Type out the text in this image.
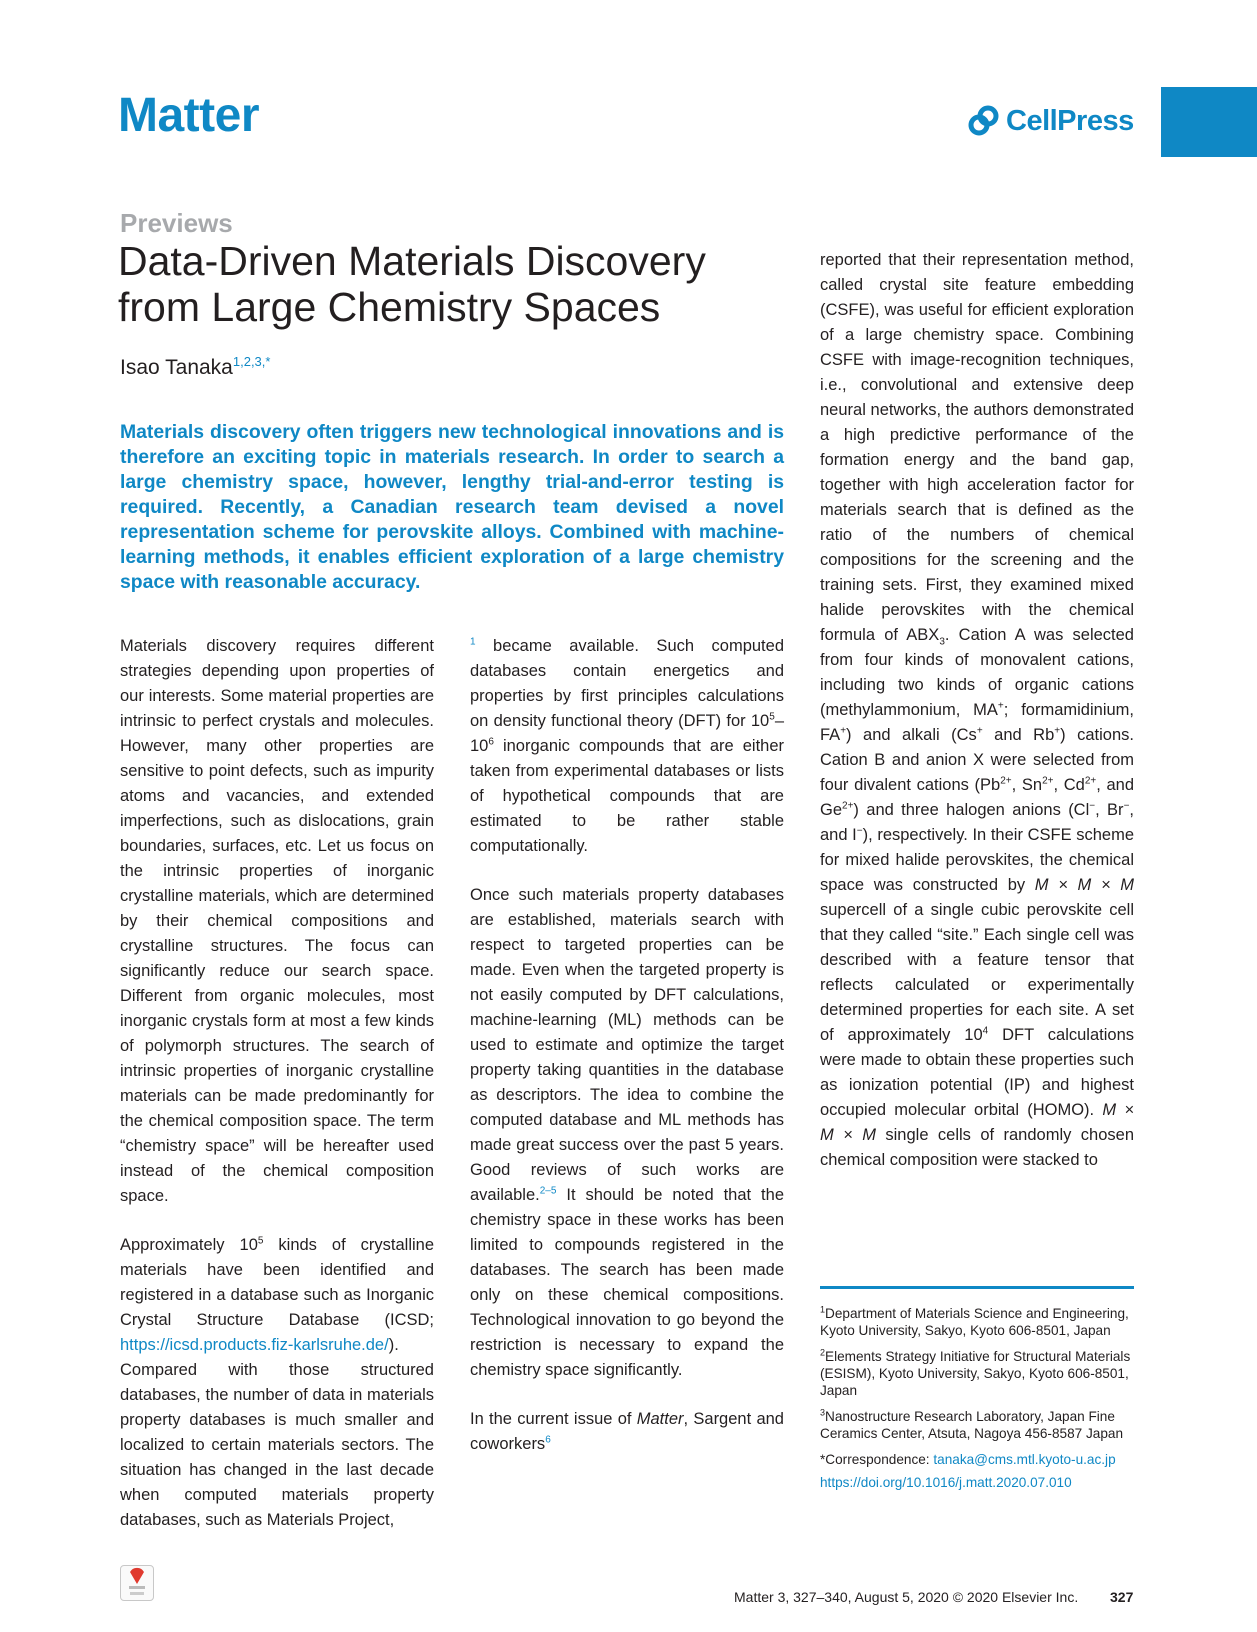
Matter	CellPress
Previews
Data-Driven Materials Discovery
from Large Chemistry Spaces
Isao Tanaka$^{1,2,3,*}$
Materials discovery often triggers new technological innovations and is therefore an exciting topic in materials research. In order to search a large chemistry space, however, lengthy trial-and-error testing is required. Recently, a Canadian research team devised a novel representation scheme for perovskite alloys. Combined with machine-learning methods, it enables efficient exploration of a large chemistry space with reasonable accuracy.

Materials discovery requires different strategies depending upon properties of our interests. Some material properties are intrinsic to perfect crystals and molecules. However, many other properties are sensitive to point defects, such as impurity atoms and vacancies, and extended imperfections, such as dislocations, grain boundaries, surfaces, etc. Let us focus on the intrinsic properties of inorganic crystalline materials, which are determined by their chemical compositions and crystalline structures. The focus can significantly reduce our search space. Different from organic molecules, most inorganic crystals form at most a few kinds of polymorph structures. The search of intrinsic properties of inorganic crystalline materials can be made predominantly for the chemical composition space. The term “chemistry space” will be hereafter used instead of the chemical composition space.

Approximately $10^5$ kinds of crystalline materials have been identified and registered in a database such as Inorganic Crystal Structure Database (ICSD; https://icsd.products.fiz-karlsruhe.de/). Compared with those structured databases, the number of data in materials property databases is much smaller and localized to certain materials sectors. The situation has changed in the last decade when computed materials property databases, such as Materials Project,

$^1$ became available. Such computed databases contain energetics and properties by first principles calculations on density functional theory (DFT) for $10^5-10^6$ inorganic compounds that are either taken from experimental databases or lists of hypothetical compounds that are estimated to be rather stable computationally.

Once such materials property databases are established, materials search with respect to targeted properties can be made. Even when the targeted property is not easily computed by DFT calculations, machine-learning (ML) methods can be used to estimate and optimize the target property taking quantities in the database as descriptors. The idea to combine the computed database and ML methods has made great success over the past 5 years. Good reviews of such works are available.$^{2-5}$ It should be noted that the chemistry space in these works has been limited to compounds registered in the databases. The search has been made only on these chemical compositions. Technological innovation to go beyond the restriction is necessary to expand the chemistry space significantly.

In the current issue of Matter, Sargent and coworkers$^6$

reported that their representation method, called crystal site feature embedding (CSFE), was useful for efficient exploration of a large chemistry space. Combining CSFE with image-recognition techniques, i.e., convolutional and extensive deep neural networks, the authors demonstrated a high predictive performance of the formation energy and the band gap, together with high acceleration factor for materials search that is defined as the ratio of the numbers of chemical compositions for the screening and the training sets. First, they examined mixed halide perovskites with the chemical formula of $ABX_3$. Cation A was selected from four kinds of monovalent cations, including two kinds of organic cations (methylammonium, MA+; formamidinium, FA+) and alkali (Cs+ and Rb+) cations. Cation B and anion X were selected from four divalent cations ($Pb^{2+}$, $Sn^{2+}$, $Cd^{2+}$, and $Ge^{2+}$) and three halogen anions (Cl−, Br−, and I−), respectively. In their CSFE scheme for mixed halide perovskites, the chemical space was constructed by M × M × M supercell of a single cubic perovskite cell that they called “site.” Each single cell was described with a feature tensor that reflects calculated or experimentally determined properties for each site. A set of approximately $10^4$ DFT calculations were made to obtain these properties such as ionization potential (IP) and highest occupied molecular orbital (HOMO). M × M × M single cells of randomly chosen chemical composition were stacked to

$^1$Department of Materials Science and Engineering, Kyoto University, Sakyo, Kyoto 606-8501, Japan

$^2$Elements Strategy Initiative for Structural Materials (ESISM), Kyoto University, Sakyo, Kyoto 606-8501, Japan

$^3$Nanostructure Research Laboratory, Japan Fine Ceramics Center, Atsuta, Nagoya 456-8587 Japan

*Correspondence: tanaka@cms.mtl.kyoto-u.ac.jp
https://doi.org/10.1016/j.matt.2020.07.010
Matter 3, 327–340, August 5, 2020 © 2020 Elsevier Inc. 327
